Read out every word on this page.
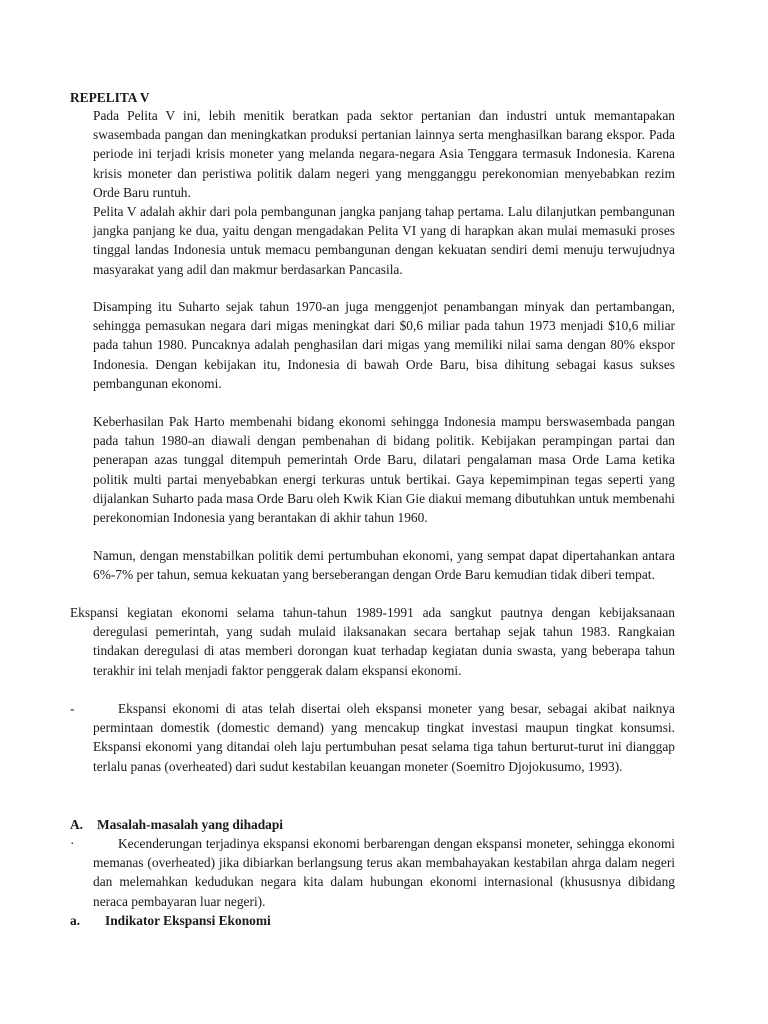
REPELITA V

Pada Pelita V ini, lebih menitik beratkan pada sektor pertanian dan industri untuk memantapakan swasembada pangan dan meningkatkan produksi pertanian lainnya serta menghasilkan barang ekspor. Pada periode ini terjadi krisis moneter yang melanda negara-negara Asia Tenggara termasuk Indonesia. Karena krisis moneter dan peristiwa politik dalam negeri yang mengganggu perekonomian menyebabkan rezim Orde Baru runtuh.

Pelita V adalah akhir dari pola pembangunan jangka panjang tahap pertama. Lalu dilanjutkan pembangunan jangka panjang ke dua, yaitu dengan mengadakan Pelita VI yang di harapkan akan mulai memasuki proses tinggal landas Indonesia untuk memacu pembangunan dengan kekuatan sendiri demi menuju terwujudnya masyarakat yang adil dan makmur berdasarkan Pancasila.

Disamping itu Suharto sejak tahun 1970-an juga menggenjot penambangan minyak dan pertambangan, sehingga pemasukan negara dari migas meningkat dari $0,6 miliar pada tahun 1973 menjadi $10,6 miliar pada tahun 1980. Puncaknya adalah penghasilan dari migas yang memiliki nilai sama dengan 80% ekspor Indonesia. Dengan kebijakan itu, Indonesia di bawah Orde Baru, bisa dihitung sebagai kasus sukses pembangunan ekonomi.

Keberhasilan Pak Harto membenahi bidang ekonomi sehingga Indonesia mampu berswasembada pangan pada tahun 1980-an diawali dengan pembenahan di bidang politik. Kebijakan perampingan partai dan penerapan azas tunggal ditempuh pemerintah Orde Baru, dilatari pengalaman masa Orde Lama ketika politik multi partai menyebabkan energi terkuras untuk bertikai. Gaya kepemimpinan tegas seperti yang dijalankan Suharto pada masa Orde Baru oleh Kwik Kian Gie diakui memang dibutuhkan untuk membenahi perekonomian Indonesia yang berantakan di akhir tahun 1960.

Namun, dengan menstabilkan politik demi pertumbuhan ekonomi, yang sempat dapat dipertahankan antara 6%-7% per tahun, semua kekuatan yang berseberangan dengan Orde Baru kemudian tidak diberi tempat.

Ekspansi kegiatan ekonomi selama tahun-tahun 1989-1991 ada sangkut pautnya dengan kebijaksanaan deregulasi pemerintah, yang sudah mulaid ilaksanakan secara bertahap sejak tahun 1983. Rangkaian tindakan deregulasi di atas memberi dorongan kuat terhadap kegiatan dunia swasta, yang beberapa tahun terakhir ini telah menjadi faktor penggerak dalam ekspansi ekonomi.

-	Ekspansi ekonomi di atas telah disertai oleh ekspansi moneter yang besar, sebagai akibat naiknya permintaan domestik (domestic demand) yang mencakup tingkat investasi maupun tingkat konsumsi. Ekspansi ekonomi yang ditandai oleh laju pertumbuhan pesat selama tiga tahun berturut-turut ini dianggap terlalu panas (overheated) dari sudut kestabilan keuangan moneter (Soemitro Djojokusumo, 1993).

A. Masalah-masalah yang dihadapi
·	Kecenderungan terjadinya ekspansi ekonomi berbarengan dengan ekspansi moneter, sehingga ekonomi memanas (overheated) jika dibiarkan berlangsung terus akan membahayakan kestabilan ahrga dalam negeri dan melemahkan kedudukan negara kita dalam hubungan ekonomi internasional (khususnya dibidang neraca pembayaran luar negeri).

a. Indikator Ekspansi Ekonomi
